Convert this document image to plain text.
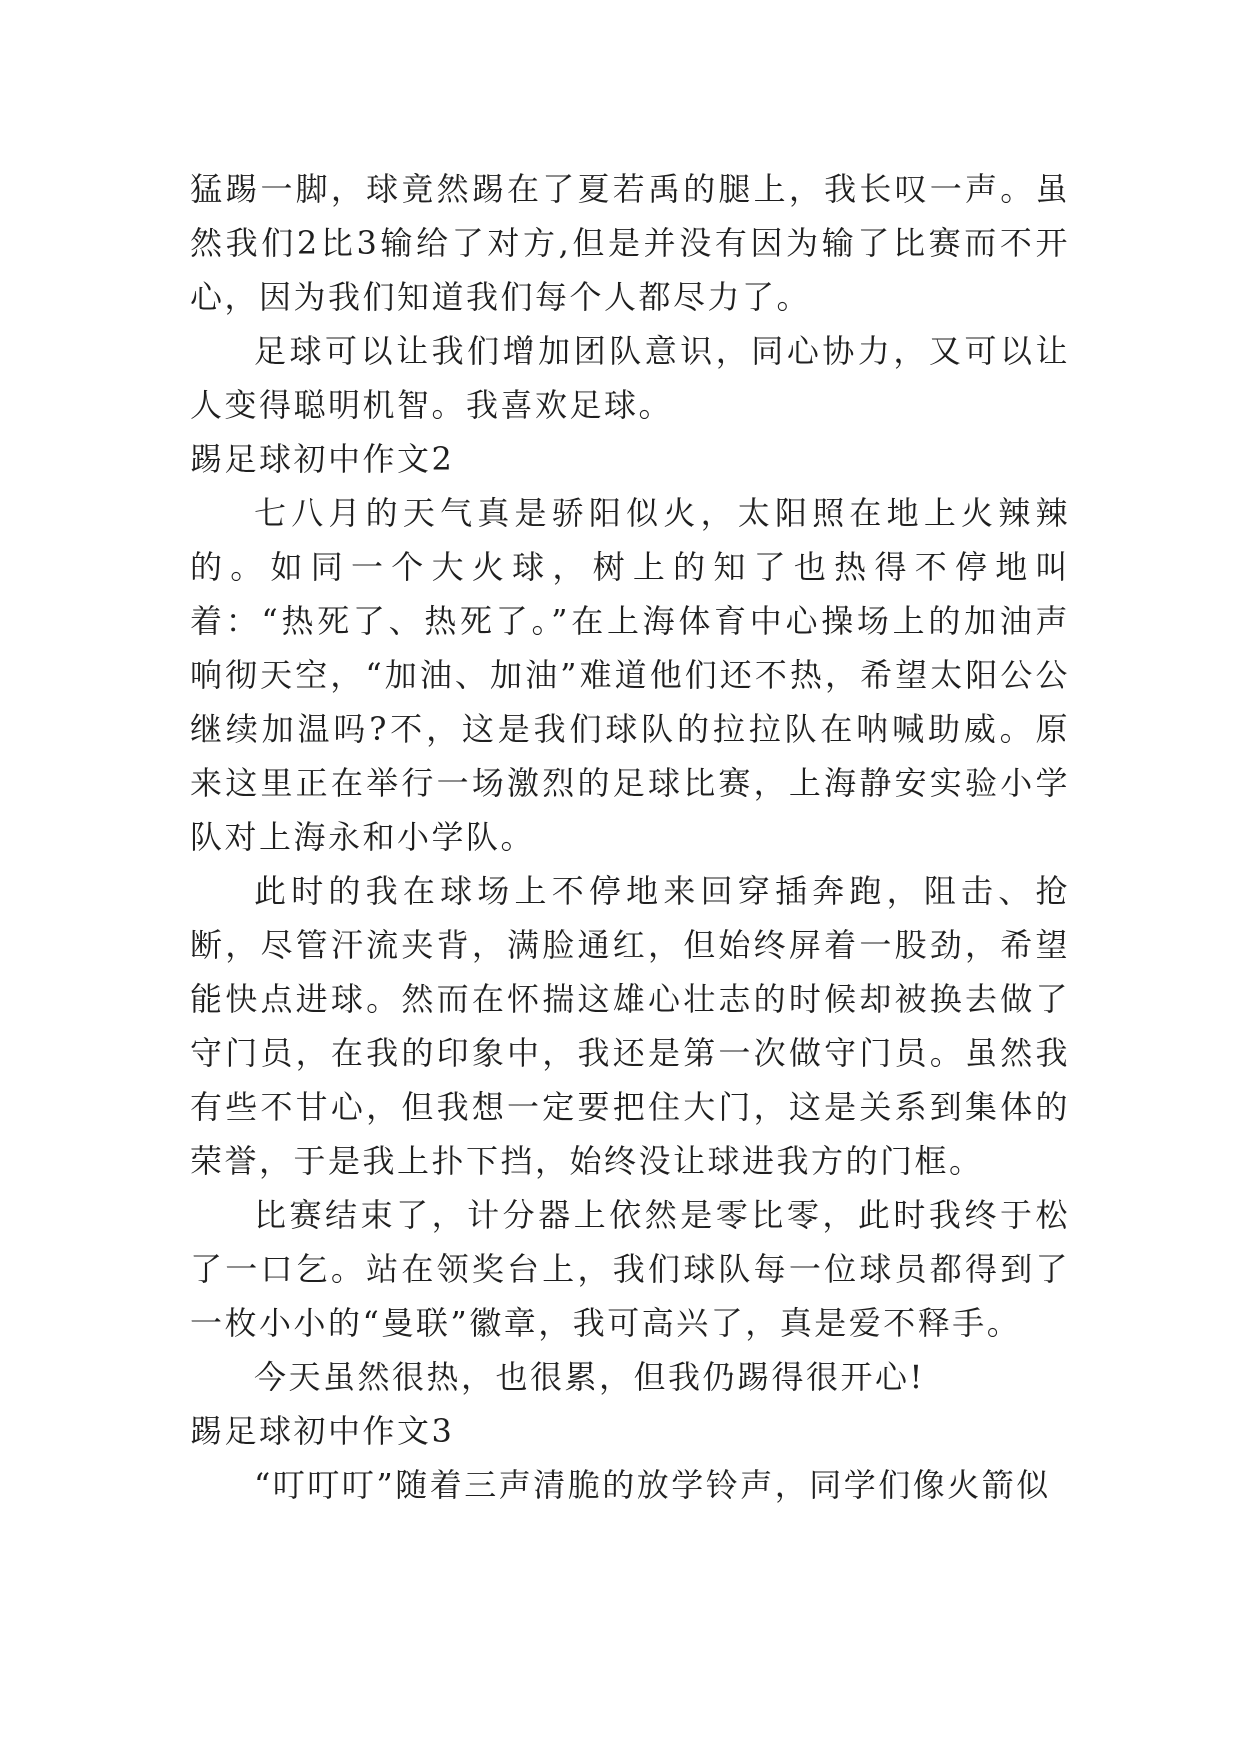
猛踢一脚，球竟然踢在了夏若禹的腿上，我长叹一声。虽然我们2比3输给了对方,但是并没有因为输了比赛而不开心，因为我们知道我们每个人都尽力了。

足球可以让我们增加团队意识，同心协力，又可以让人变得聪明机智。我喜欢足球。

踢足球初中作文2

七八月的天气真是骄阳似火，太阳照在地上火辣辣的。如同一个大火球，树上的知了也热得不停地叫着：“热死了、热死了。”在上海体育中心操场上的加油声响彻天空，“加油、加油”难道他们还不热，希望太阳公公继续加温吗?不，这是我们球队的拉拉队在呐喊助威。原来这里正在举行一场激烈的足球比赛，上海静安实验小学队对上海永和小学队。

此时的我在球场上不停地来回穿插奔跑，阻击、抢断，尽管汗流夹背，满脸通红，但始终屏着一股劲，希望能快点进球。然而在怀揣这雄心壮志的时候却被换去做了守门员，在我的印象中，我还是第一次做守门员。虽然我有些不甘心，但我想一定要把住大门，这是关系到集体的荣誉，于是我上扑下挡，始终没让球进我方的门框。

比赛结束了，计分器上依然是零比零，此时我终于松了一口乞。站在领奖台上，我们球队每一位球员都得到了一枚小小的“曼联”徽章，我可高兴了，真是爱不释手。

今天虽然很热，也很累，但我仍踢得很开心!

踢足球初中作文3

“叮叮叮”随着三声清脆的放学铃声，同学们像火箭似
